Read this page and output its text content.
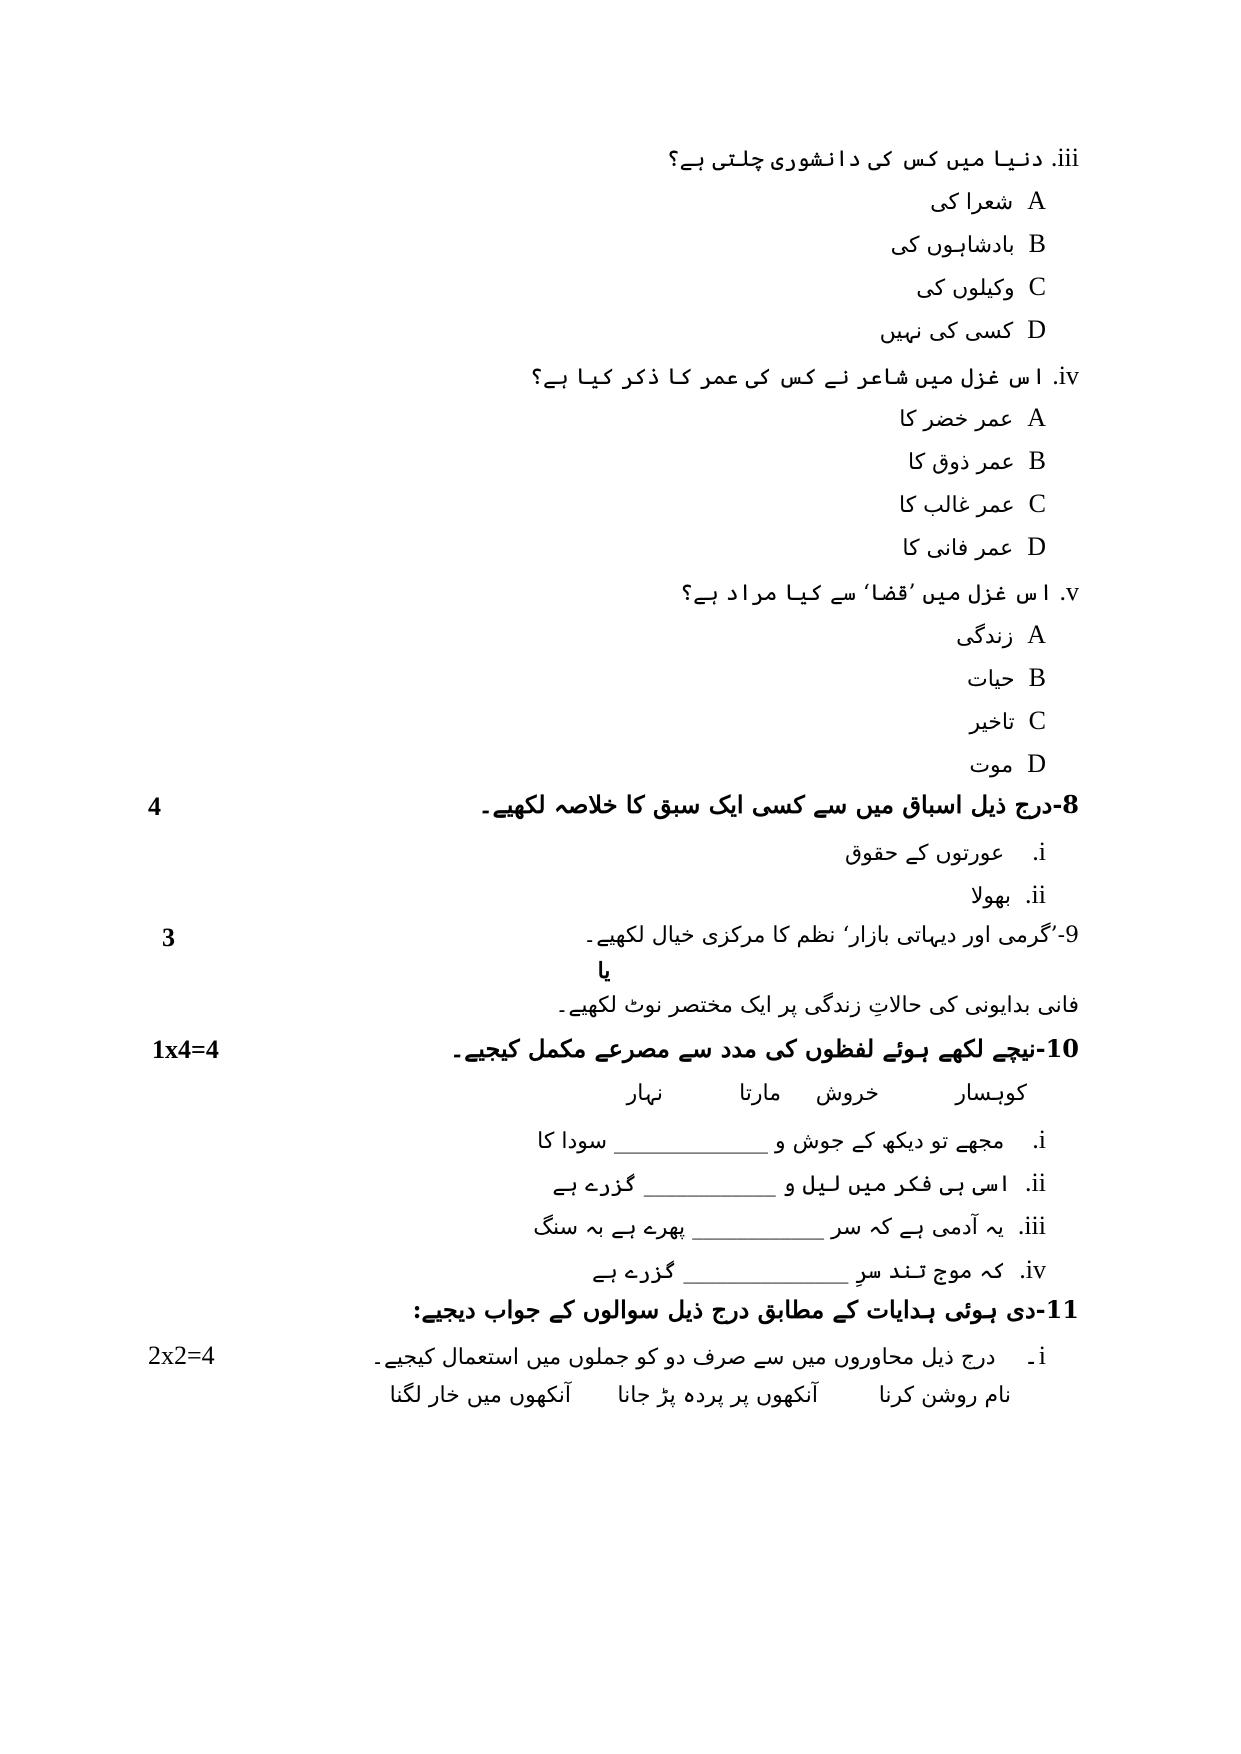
iii. دنیا میں کس کی دانشوری چلتی ہے؟
A  شعرا کی
B  بادشاہوں کی
C  وکیلوں کی
D  کسی کی نہیں
iv. اس غزل میں شاعر نے کس کی عمر کا ذکر کیا ہے؟
A  عمر خضر کا
B  عمر ذوق کا
C  عمر غالب کا
D  عمر فانی کا
v. اس غزل میں ’قضا‘ سے کیا مراد ہے؟
A  زندگی
B  حیات
C  تاخیر
D  موت
8-درج ذیل اسباق میں سے کسی ایک سبق کا خلاصہ لکھیے۔
4
i.    عورتوں کے حقوق
ii.  بھولا
9-’گرمی اور دیہاتی بازار‘ نظم کا مرکزی خیال لکھیے۔
3
یا
فانی بدایونی کی حالاتِ زندگی پر ایک مختصر نوٹ لکھیے۔
10-نیچے لکھے ہوئے لفظوں کی مدد سے مصرعے مکمل کیجیے۔
1x4=4
کوہسار
خروش
مارتا
نہار
i.    مجھے تو دیکھ کے جوش و ______________ سودا کا
ii.  اسی ہی فکر میں لیل و ____________ گزرے ہے
iii.  یہ آدمی ہے کہ سر ____________ پھرے ہے بہ سنگ
iv.  کہ موج تند سرِ _______________ گزرے ہے
11-دی ہوئی ہدایات کے مطابق درج ذیل سوالوں کے جواب دیجیے:
2x2=4	i۔    درج ذیل محاوروں میں سے صرف دو کو جملوں میں استعمال کیجیے۔
نام روشن کرنا
آنکھوں پر پردہ پڑ جانا
آنکھوں میں خار لگنا
